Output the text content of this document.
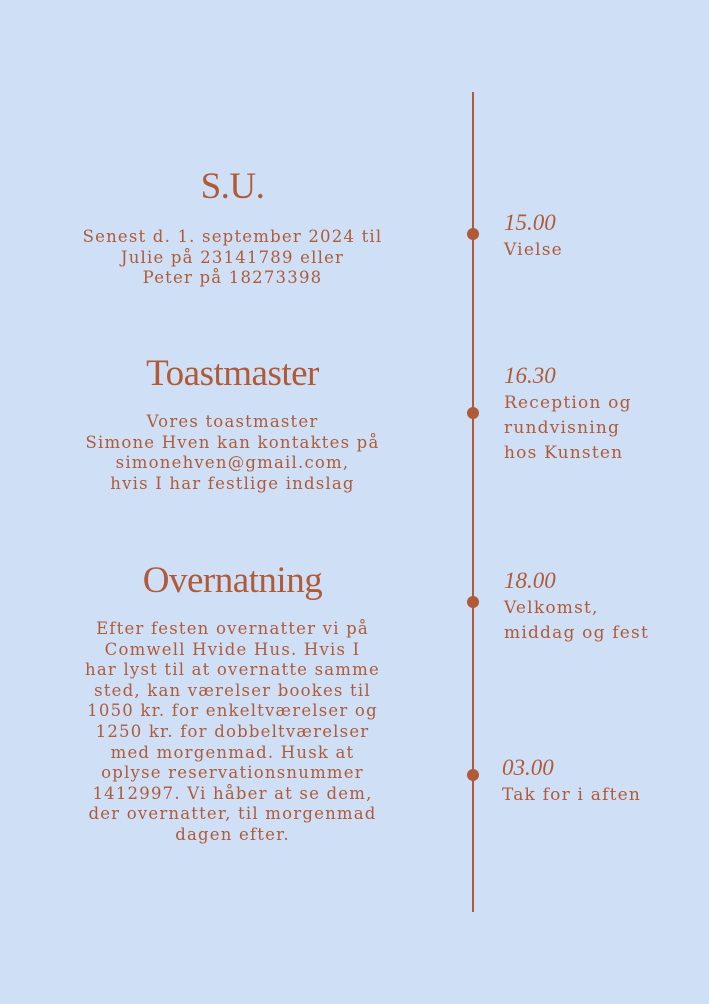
S.U.

Senest d. 1. september 2024 til
Julie på 23141789 eller
Peter på 18273398

Toastmaster

Vores toastmaster
Simone Hven kan kontaktes på
simonehven@gmail.com,
hvis I har festlige indslag

Overnatning

Efter festen overnatter vi på
Comwell Hvide Hus. Hvis I
har lyst til at overnatte samme
sted, kan værelser bookes til
1050 kr. for enkeltværelser og
1250 kr. for dobbeltværelser
med morgenmad. Husk at
oplyse reservationsnummer
1412997. Vi håber at se dem,
der overnatter, til morgenmad
dagen efter.

15.00
Vielse
16.30
Reception og
rundvisning
hos Kunsten
18.00
Velkomst,
middag og fest
03.00
Tak for i aften
